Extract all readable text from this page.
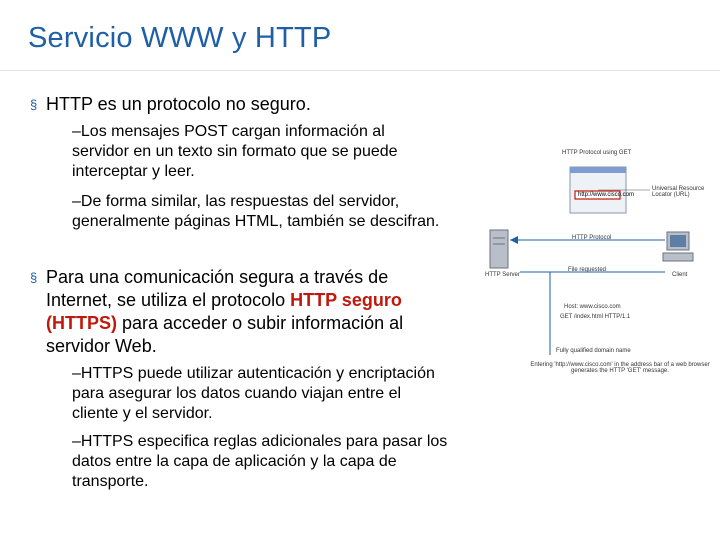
Servicio WWW y HTTP
§ HTTP es un protocolo no seguro.
–Los mensajes POST cargan información al servidor en un texto sin formato que se puede interceptar y leer.
–De forma similar, las respuestas del servidor, generalmente páginas HTML, también se descifran.
§ Para una comunicación segura a través de Internet, se utiliza el protocolo HTTP seguro (HTTPS) para acceder o subir información al servidor Web.
–HTTPS puede utilizar autenticación y encriptación para asegurar los datos cuando viajan entre el cliente y el servidor.
–HTTPS especifica reglas adicionales para pasar los datos entre la capa de aplicación y la capa de transporte.
HTTP Protocol using GET
http://www.cisco.com
Universal Resource Locator (URL)
HTTP Protocol
HTTP Server	Client
File requested
Host: www.cisco.com
GET /index.html HTTP/1.1
Fully qualified domain name
Entering 'http://www.cisco.com' in the address bar of a web browser generates the HTTP 'GET' message.
